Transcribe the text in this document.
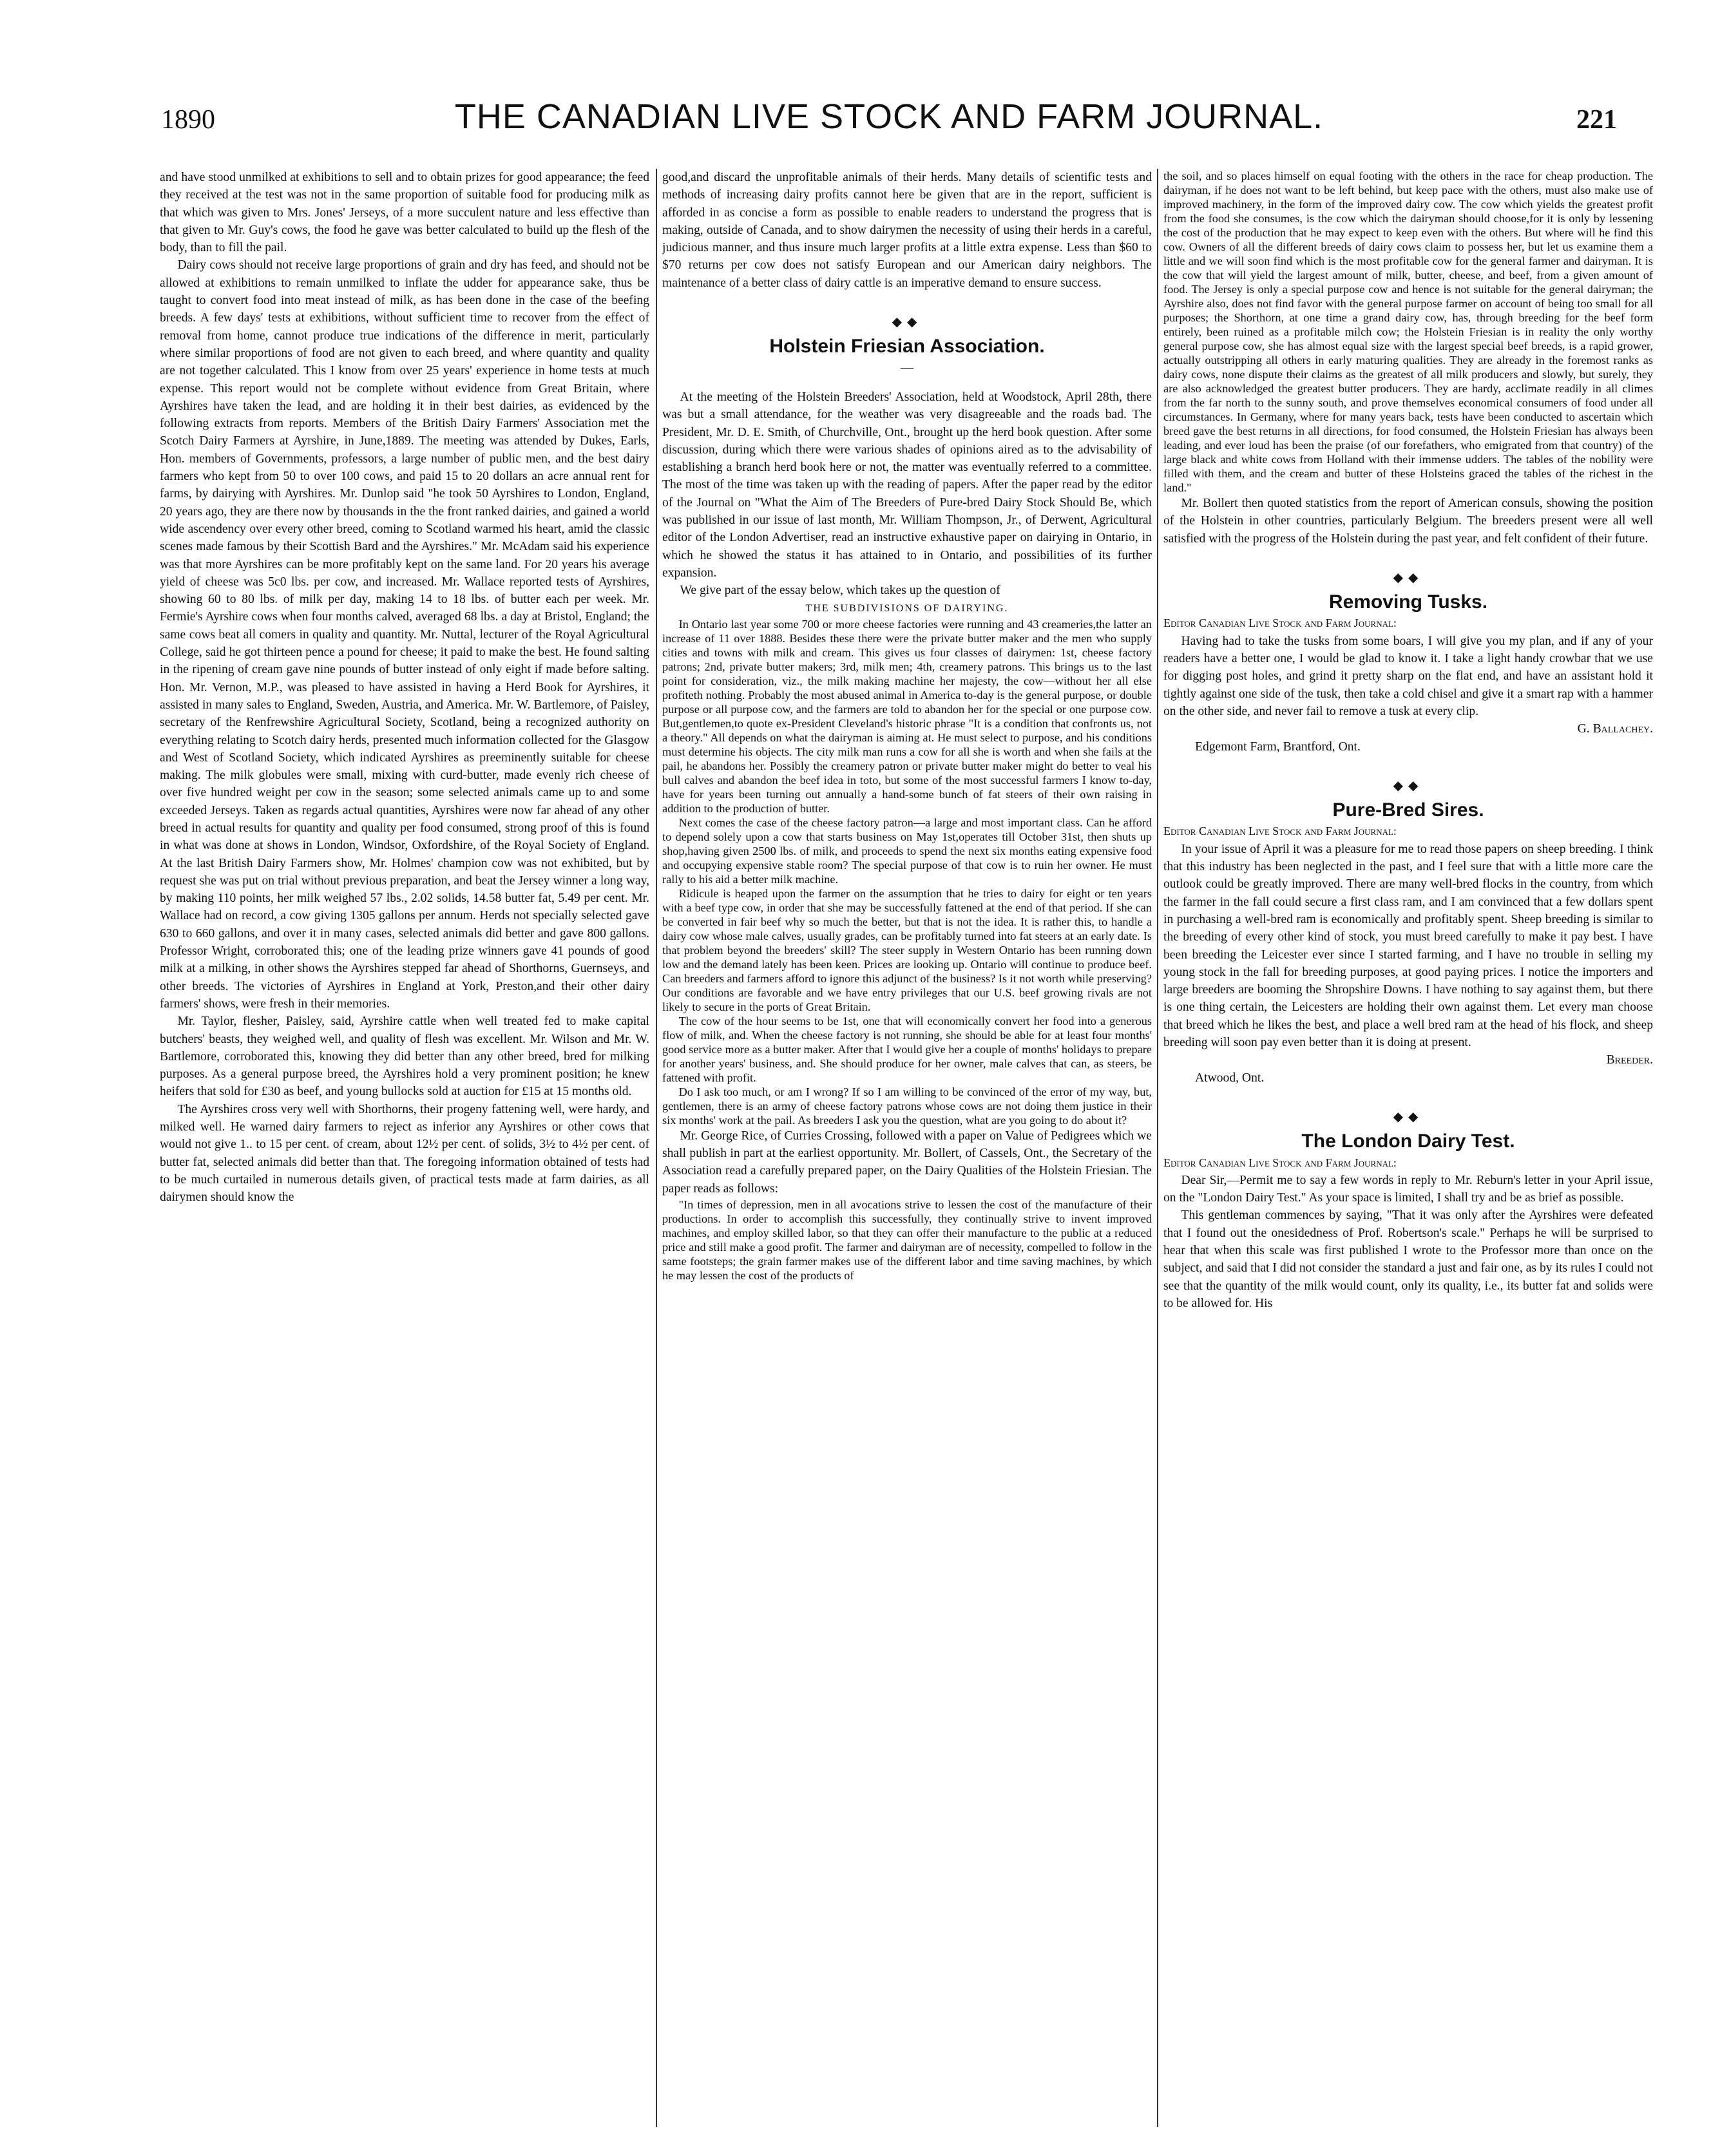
1890	THE CANADIAN LIVE STOCK AND FARM JOURNAL.	221

and have stood unmilked at exhibitions to sell and to obtain prizes for good appearance; the feed they received at the test was not in the same proportion of suitable food for producing milk as that which was given to Mrs. Jones' Jerseys, of a more succulent nature and less effective than that given to Mr. Guy's cows, the food he gave was better calculated to build up the flesh of the body, than to fill the pail.

Dairy cows should not receive large proportions of grain and dry has feed, and should not be allowed at exhibitions to remain unmilked to inflate the udder for appearance sake, thus be taught to convert food into meat instead of milk, as has been done in the case of the beefing breeds. A few days' tests at exhibitions, without sufficient time to recover from the effect of removal from home, cannot produce true indications of the difference in merit, particularly where similar proportions of food are not given to each breed, and where quantity and quality are not together calculated. This I know from over 25 years' experience in home tests at much expense. This report would not be complete without evidence from Great Britain, where Ayrshires have taken the lead, and are holding it in their best dairies, as evidenced by the following extracts from reports. Members of the British Dairy Farmers' Association met the Scotch Dairy Farmers at Ayrshire, in June,1889. The meeting was attended by Dukes, Earls, Hon. members of Governments, professors, a large number of public men, and the best dairy farmers who kept from 50 to over 100 cows, and paid 15 to 20 dollars an acre annual rent for farms, by dairying with Ayrshires. Mr. Dunlop said "he took 50 Ayrshires to London, England, 20 years ago, they are there now by thousands in the the front ranked dairies, and gained a world wide ascendency over every other breed, coming to Scotland warmed his heart, amid the classic scenes made famous by their Scottish Bard and the Ayrshires." Mr. McAdam said his experience was that more Ayrshires can be more profitably kept on the same land. For 20 years his average yield of cheese was 5c0 lbs. per cow, and increased. Mr. Wallace reported tests of Ayrshires, showing 60 to 80 lbs. of milk per day, making 14 to 18 lbs. of butter each per week. Mr. Fermie's Ayrshire cows when four months calved, averaged 68 lbs. a day at Bristol, England; the same cows beat all comers in quality and quantity. Mr. Nuttal, lecturer of the Royal Agricultural College, said he got thirteen pence a pound for cheese; it paid to make the best. He found salting in the ripening of cream gave nine pounds of butter instead of only eight if made before salting. Hon. Mr. Vernon, M.P., was pleased to have assisted in having a Herd Book for Ayrshires, it assisted in many sales to England, Sweden, Austria, and America. Mr. W. Bartlemore, of Paisley, secretary of the Renfrewshire Agricultural Society, Scotland, being a recognized authority on everything relating to Scotch dairy herds, presented much information collected for the Glasgow and West of Scotland Society, which indicated Ayrshires as preeminently suitable for cheese making. The milk globules were small, mixing with curd-butter, made evenly rich cheese of over five hundred weight per cow in the season; some selected animals came up to and some exceeded Jerseys. Taken as regards actual quantities, Ayrshires were now far ahead of any other breed in actual results for quantity and quality per food consumed, strong proof of this is found in what was done at shows in London, Windsor, Oxfordshire, of the Royal Society of England. At the last British Dairy Farmers show, Mr. Holmes' champion cow was not exhibited, but by request she was put on trial without previous preparation, and beat the Jersey winner a long way, by making 110 points, her milk weighed 57 lbs., 2.02 solids, 14.58 butter fat, 5.49 per cent. Mr. Wallace had on record, a cow giving 1305 gallons per annum. Herds not specially selected gave 630 to 660 gallons, and over it in many cases, selected animals did better and gave 800 gallons. Professor Wright, corroborated this; one of the leading prize winners gave 41 pounds of good milk at a milking, in other shows the Ayrshires stepped far ahead of Shorthorns, Guernseys, and other breeds. The victories of Ayrshires in England at York, Preston,and their other dairy farmers' shows, were fresh in their memories.

Mr. Taylor, flesher, Paisley, said, Ayrshire cattle when well treated fed to make capital butchers' beasts, they weighed well, and quality of flesh was excellent. Mr. Wilson and Mr. W. Bartlemore, corroborated this, knowing they did better than any other breed, bred for milking purposes. As a general purpose breed, the Ayrshires hold a very prominent position; he knew heifers that sold for £30 as beef, and young bullocks sold at auction for £15 at 15 months old.

The Ayrshires cross very well with Shorthorns, their progeny fattening well, were hardy, and milked well. He warned dairy farmers to reject as inferior any Ayrshires or other cows that would not give 1.. to 15 per cent. of cream, about 12½ per cent. of solids, 3½ to 4½ per cent. of butter fat, selected animals did better than that. The foregoing information obtained of tests had to be much curtailed in numerous details given, of practical tests made at farm dairies, as all dairymen should know the

good,and discard the unprofitable animals of their herds. Many details of scientific tests and methods of increasing dairy profits cannot here be given that are in the report, sufficient is afforded in as concise a form as possible to enable readers to understand the progress that is making, outside of Canada, and to show dairymen the necessity of using their herds in a careful, judicious manner, and thus insure much larger profits at a little extra expense. Less than $60 to $70 returns per cow does not satisfy European and our American dairy neighbors. The maintenance of a better class of dairy cattle is an imperative demand to ensure success.

◆◆
Holstein Friesian Association.
—

At the meeting of the Holstein Breeders' Association, held at Woodstock, April 28th, there was but a small attendance, for the weather was very disagreeable and the roads bad. The President, Mr. D. E. Smith, of Churchville, Ont., brought up the herd book question. After some discussion, during which there were various shades of opinions aired as to the advisability of establishing a branch herd book here or not, the matter was eventually referred to a committee. The most of the time was taken up with the reading of papers. After the paper read by the editor of the Journal on "What the Aim of The Breeders of Pure-bred Dairy Stock Should Be, which was published in our issue of last month, Mr. William Thompson, Jr., of Derwent, Agricultural editor of the London Advertiser, read an instructive exhaustive paper on dairying in Ontario, in which he showed the status it has attained to in Ontario, and possibilities of its further expansion.

We give part of the essay below, which takes up the question of

THE SUBDIVISIONS OF DAIRYING.

In Ontario last year some 700 or more cheese factories were running and 43 creameries,the latter an increase of 11 over 1888. Besides these there were the private butter maker and the men who supply cities and towns with milk and cream. This gives us four classes of dairymen: 1st, cheese factory patrons; 2nd, private butter makers; 3rd, milk men; 4th, creamery patrons. This brings us to the last point for consideration, viz., the milk making machine her majesty, the cow—without her all else profiteth nothing. Probably the most abused animal in America to-day is the general purpose, or double purpose or all purpose cow, and the farmers are told to abandon her for the special or one purpose cow. But,gentlemen,to quote ex-President Cleveland's historic phrase "It is a condition that confronts us, not a theory." All depends on what the dairyman is aiming at. He must select to purpose, and his conditions must determine his objects. The city milk man runs a cow for all she is worth and when she fails at the pail, he abandons her. Possibly the creamery patron or private butter maker might do better to veal his bull calves and abandon the beef idea in toto, but some of the most successful farmers I know to-day, have for years been turning out annually a hand-some bunch of fat steers of their own raising in addition to the production of butter.

Next comes the case of the cheese factory patron—a large and most important class. Can he afford to depend solely upon a cow that starts business on May 1st,operates till October 31st, then shuts up shop,having given 2500 lbs. of milk, and proceeds to spend the next six months eating expensive food and occupying expensive stable room? The special purpose of that cow is to ruin her owner. He must rally to his aid a better milk machine.

Ridicule is heaped upon the farmer on the assumption that he tries to dairy for eight or ten years with a beef type cow, in order that she may be successfully fattened at the end of that period. If she can be converted in fair beef why so much the better, but that is not the idea. It is rather this, to handle a dairy cow whose male calves, usually grades, can be profitably turned into fat steers at an early date. Is that problem beyond the breeders' skill? The steer supply in Western Ontario has been running down low and the demand lately has been keen. Prices are looking up. Ontario will continue to produce beef. Can breeders and farmers afford to ignore this adjunct of the business? Is it not worth while preserving? Our conditions are favorable and we have entry privileges that our U.S. beef growing rivals are not likely to secure in the ports of Great Britain.

The cow of the hour seems to be 1st, one that will economically convert her food into a generous flow of milk, and. When the cheese factory is not running, she should be able for at least four months' good service more as a butter maker. After that I would give her a couple of months' holidays to prepare for another years' business, and. She should produce for her owner, male calves that can, as steers, be fattened with profit.

Do I ask too much, or am I wrong? If so I am willing to be convinced of the error of my way, but, gentlemen, there is an army of cheese factory patrons whose cows are not doing them justice in their six months' work at the pail. As breeders I ask you the question, what are you going to do about it?

Mr. George Rice, of Curries Crossing, followed with a paper on Value of Pedigrees which we shall publish in part at the earliest opportunity. Mr. Bollert, of Cassels, Ont., the Secretary of the Association read a carefully prepared paper, on the Dairy Qualities of the Holstein Friesian. The paper reads as follows:

"In times of depression, men in all avocations strive to lessen the cost of the manufacture of their productions. In order to accomplish this successfully, they continually strive to invent improved machines, and employ skilled labor, so that they can offer their manufacture to the public at a reduced price and still make a good profit. The farmer and dairyman are of necessity, compelled to follow in the same footsteps; the grain farmer makes use of the different labor and time saving machines, by which he may lessen the cost of the products of

the soil, and so places himself on equal footing with the others in the race for cheap production. The dairyman, if he does not want to be left behind, but keep pace with the others, must also make use of improved machinery, in the form of the improved dairy cow. The cow which yields the greatest profit from the food she consumes, is the cow which the dairyman should choose,for it is only by lessening the cost of the production that he may expect to keep even with the others. But where will he find this cow. Owners of all the different breeds of dairy cows claim to possess her, but let us examine them a little and we will soon find which is the most profitable cow for the general farmer and dairyman. It is the cow that will yield the largest amount of milk, butter, cheese, and beef, from a given amount of food. The Jersey is only a special purpose cow and hence is not suitable for the general dairyman; the Ayrshire also, does not find favor with the general purpose farmer on account of being too small for all purposes; the Shorthorn, at one time a grand dairy cow, has, through breeding for the beef form entirely, been ruined as a profitable milch cow; the Holstein Friesian is in reality the only worthy general purpose cow, she has almost equal size with the largest special beef breeds, is a rapid grower, actually outstripping all others in early maturing qualities. They are already in the foremost ranks as dairy cows, none dispute their claims as the greatest of all milk producers and slowly, but surely, they are also acknowledged the greatest butter producers. They are hardy, acclimate readily in all climes from the far north to the sunny south, and prove themselves economical consumers of food under all circumstances. In Germany, where for many years back, tests have been conducted to ascertain which breed gave the best returns in all directions, for food consumed, the Holstein Friesian has always been leading, and ever loud has been the praise (of our forefathers, who emigrated from that country) of the large black and white cows from Holland with their immense udders. The tables of the nobility were filled with them, and the cream and butter of these Holsteins graced the tables of the richest in the land."

Mr. Bollert then quoted statistics from the report of American consuls, showing the position of the Holstein in other countries, particularly Belgium. The breeders present were all well satisfied with the progress of the Holstein during the past year, and felt confident of their future.

◆◆
Removing Tusks.

Editor Canadian Live Stock and Farm Journal:

Having had to take the tusks from some boars, I will give you my plan, and if any of your readers have a better one, I would be glad to know it. I take a light handy crowbar that we use for digging post holes, and grind it pretty sharp on the flat end, and have an assistant hold it tightly against one side of the tusk, then take a cold chisel and give it a smart rap with a hammer on the other side, and never fail to remove a tusk at every clip.

G. Ballachey.

Edgemont Farm, Brantford, Ont.

◆◆
Pure-Bred Sires.

Editor Canadian Live Stock and Farm Journal:

In your issue of April it was a pleasure for me to read those papers on sheep breeding. I think that this industry has been neglected in the past, and I feel sure that with a little more care the outlook could be greatly improved. There are many well-bred flocks in the country, from which the farmer in the fall could secure a first class ram, and I am convinced that a few dollars spent in purchasing a well-bred ram is economically and profitably spent. Sheep breeding is similar to the breeding of every other kind of stock, you must breed carefully to make it pay best. I have been breeding the Leicester ever since I started farming, and I have no trouble in selling my young stock in the fall for breeding purposes, at good paying prices. I notice the importers and large breeders are booming the Shropshire Downs. I have nothing to say against them, but there is one thing certain, the Leicesters are holding their own against them. Let every man choose that breed which he likes the best, and place a well bred ram at the head of his flock, and sheep breeding will soon pay even better than it is doing at present.

Breeder.

Atwood, Ont.

◆◆
The London Dairy Test.

Editor Canadian Live Stock and Farm Journal:

Dear Sir,—Permit me to say a few words in reply to Mr. Reburn's letter in your April issue, on the "London Dairy Test." As your space is limited, I shall try and be as brief as possible.

This gentleman commences by saying, "That it was only after the Ayrshires were defeated that I found out the onesidedness of Prof. Robertson's scale." Perhaps he will be surprised to hear that when this scale was first published I wrote to the Professor more than once on the subject, and said that I did not consider the standard a just and fair one, as by its rules I could not see that the quantity of the milk would count, only its quality, i.e., its butter fat and solids were to be allowed for. His
